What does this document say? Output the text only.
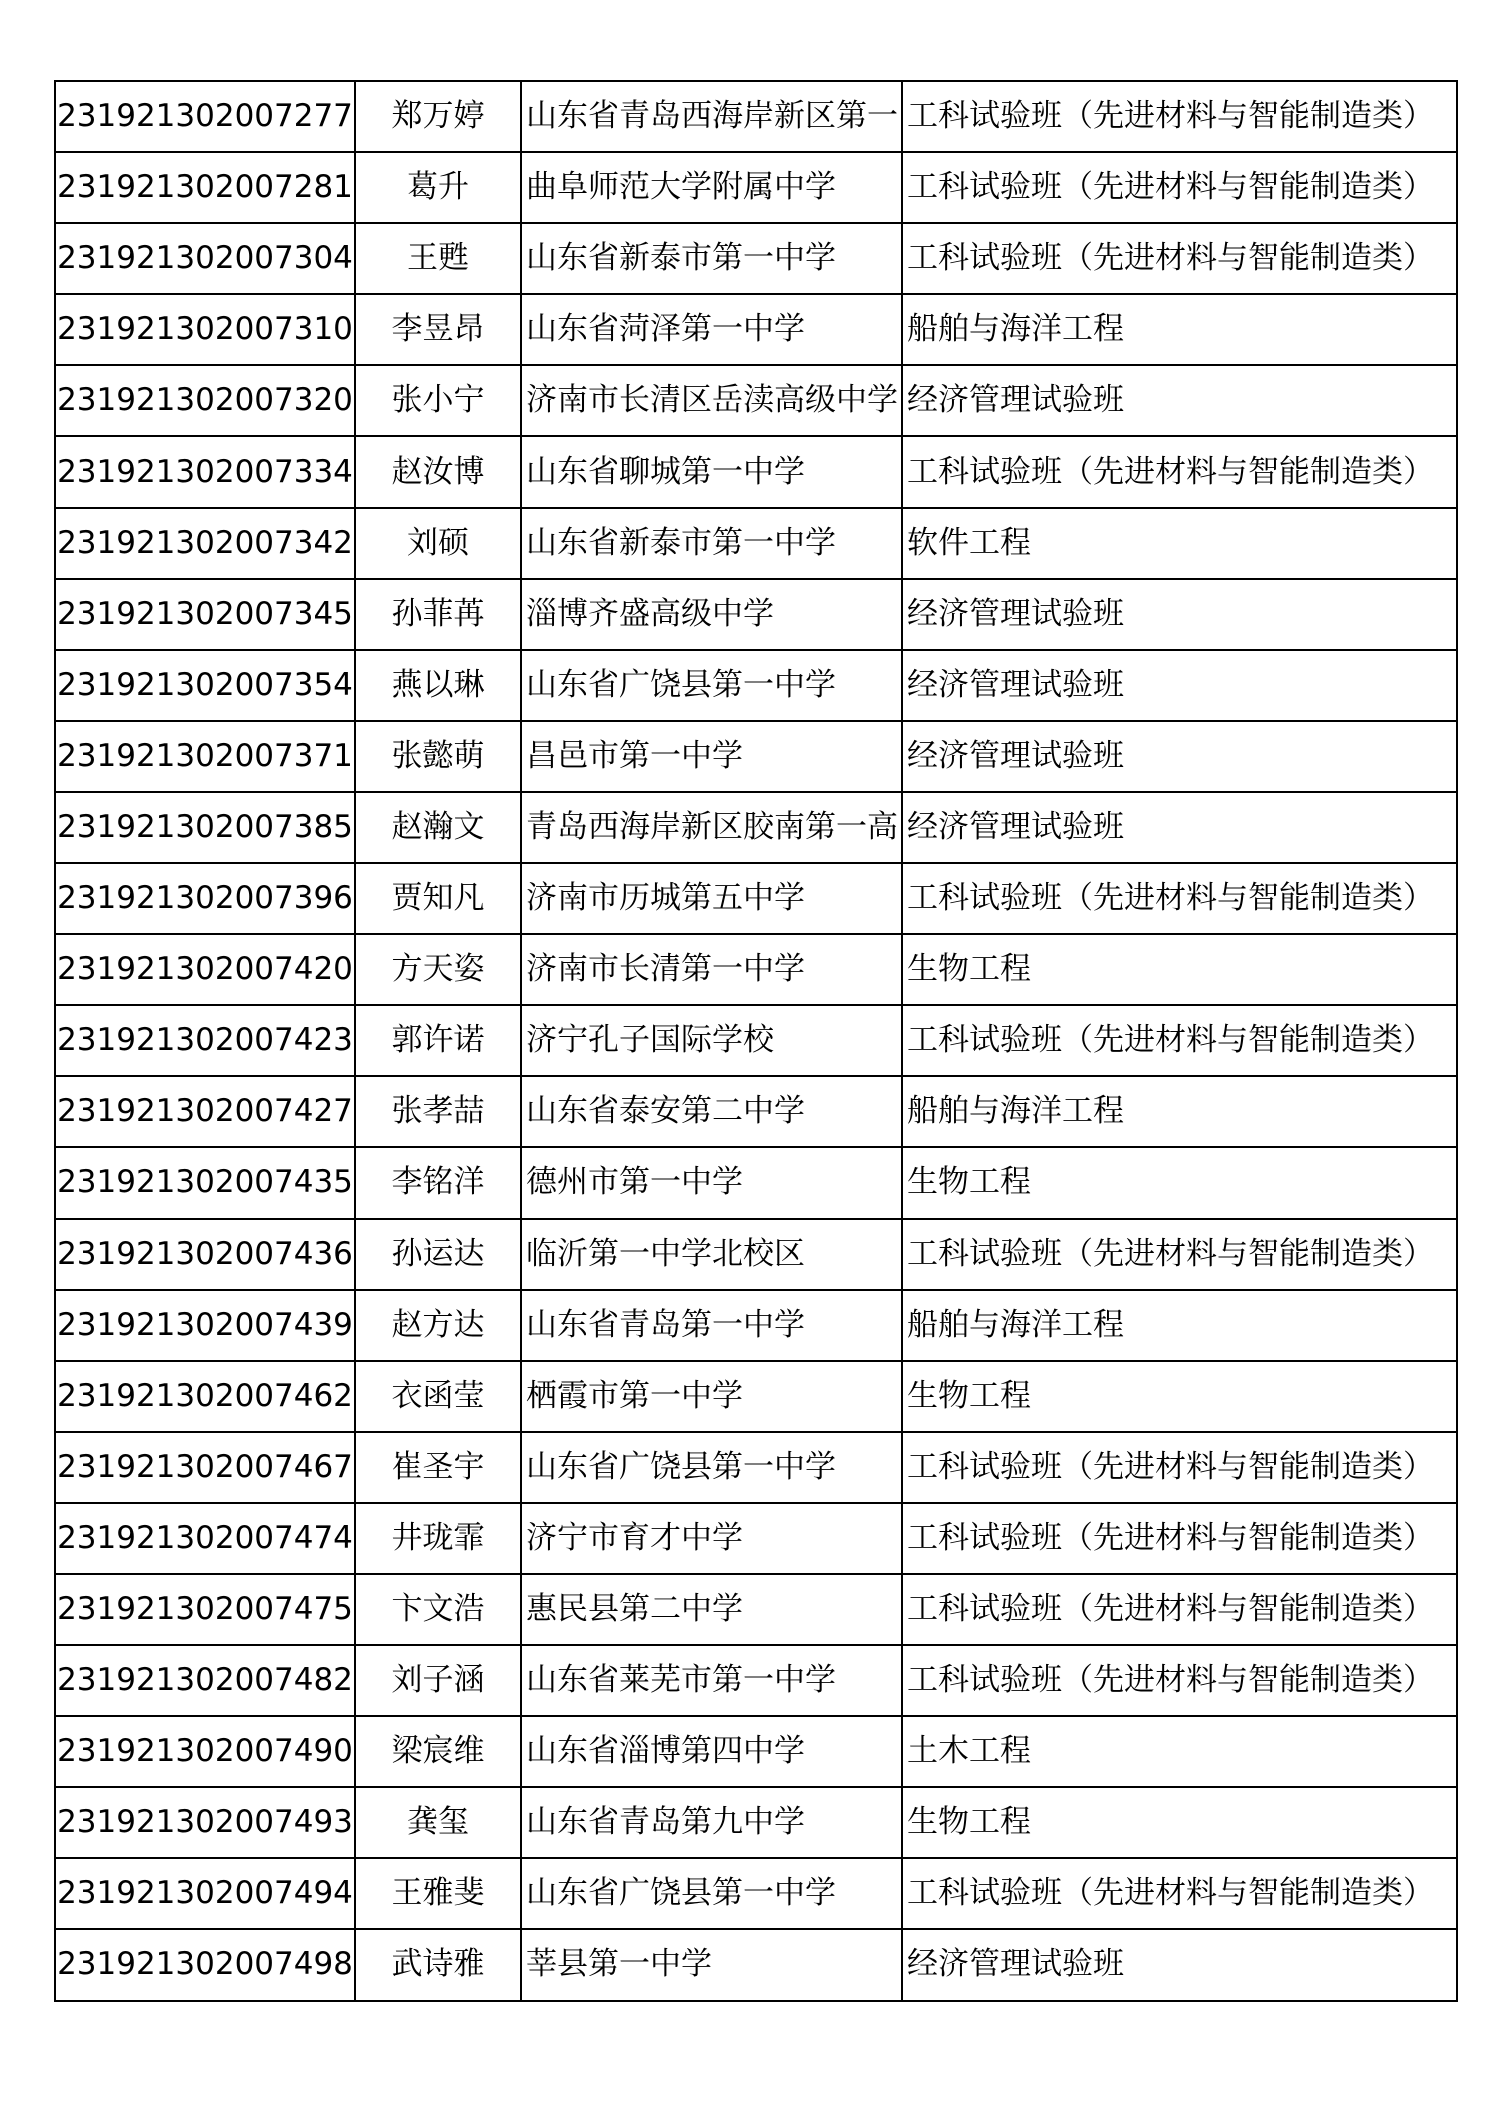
231921302007277	郑万婷	山东省青岛西海岸新区第一	工科试验班（先进材料与智能制造类）
231921302007281	葛升	曲阜师范大学附属中学	工科试验班（先进材料与智能制造类）
231921302007304	王甦	山东省新泰市第一中学	工科试验班（先进材料与智能制造类）
231921302007310	李昱昂	山东省菏泽第一中学	船舶与海洋工程
231921302007320	张小宁	济南市长清区岳渎高级中学	经济管理试验班
231921302007334	赵汝博	山东省聊城第一中学	工科试验班（先进材料与智能制造类）
231921302007342	刘硕	山东省新泰市第一中学	软件工程
231921302007345	孙菲苒	淄博齐盛高级中学	经济管理试验班
231921302007354	燕以琳	山东省广饶县第一中学	经济管理试验班
231921302007371	张懿萌	昌邑市第一中学	经济管理试验班
231921302007385	赵瀚文	青岛西海岸新区胶南第一高	经济管理试验班
231921302007396	贾知凡	济南市历城第五中学	工科试验班（先进材料与智能制造类）
231921302007420	方天姿	济南市长清第一中学	生物工程
231921302007423	郭许诺	济宁孔子国际学校	工科试验班（先进材料与智能制造类）
231921302007427	张孝喆	山东省泰安第二中学	船舶与海洋工程
231921302007435	李铭洋	德州市第一中学	生物工程
231921302007436	孙运达	临沂第一中学北校区	工科试验班（先进材料与智能制造类）
231921302007439	赵方达	山东省青岛第一中学	船舶与海洋工程
231921302007462	衣函莹	栖霞市第一中学	生物工程
231921302007467	崔圣宇	山东省广饶县第一中学	工科试验班（先进材料与智能制造类）
231921302007474	井珑霏	济宁市育才中学	工科试验班（先进材料与智能制造类）
231921302007475	卞文浩	惠民县第二中学	工科试验班（先进材料与智能制造类）
231921302007482	刘子涵	山东省莱芜市第一中学	工科试验班（先进材料与智能制造类）
231921302007490	梁宸维	山东省淄博第四中学	土木工程
231921302007493	龚玺	山东省青岛第九中学	生物工程
231921302007494	王雅斐	山东省广饶县第一中学	工科试验班（先进材料与智能制造类）
231921302007498	武诗雅	莘县第一中学	经济管理试验班
